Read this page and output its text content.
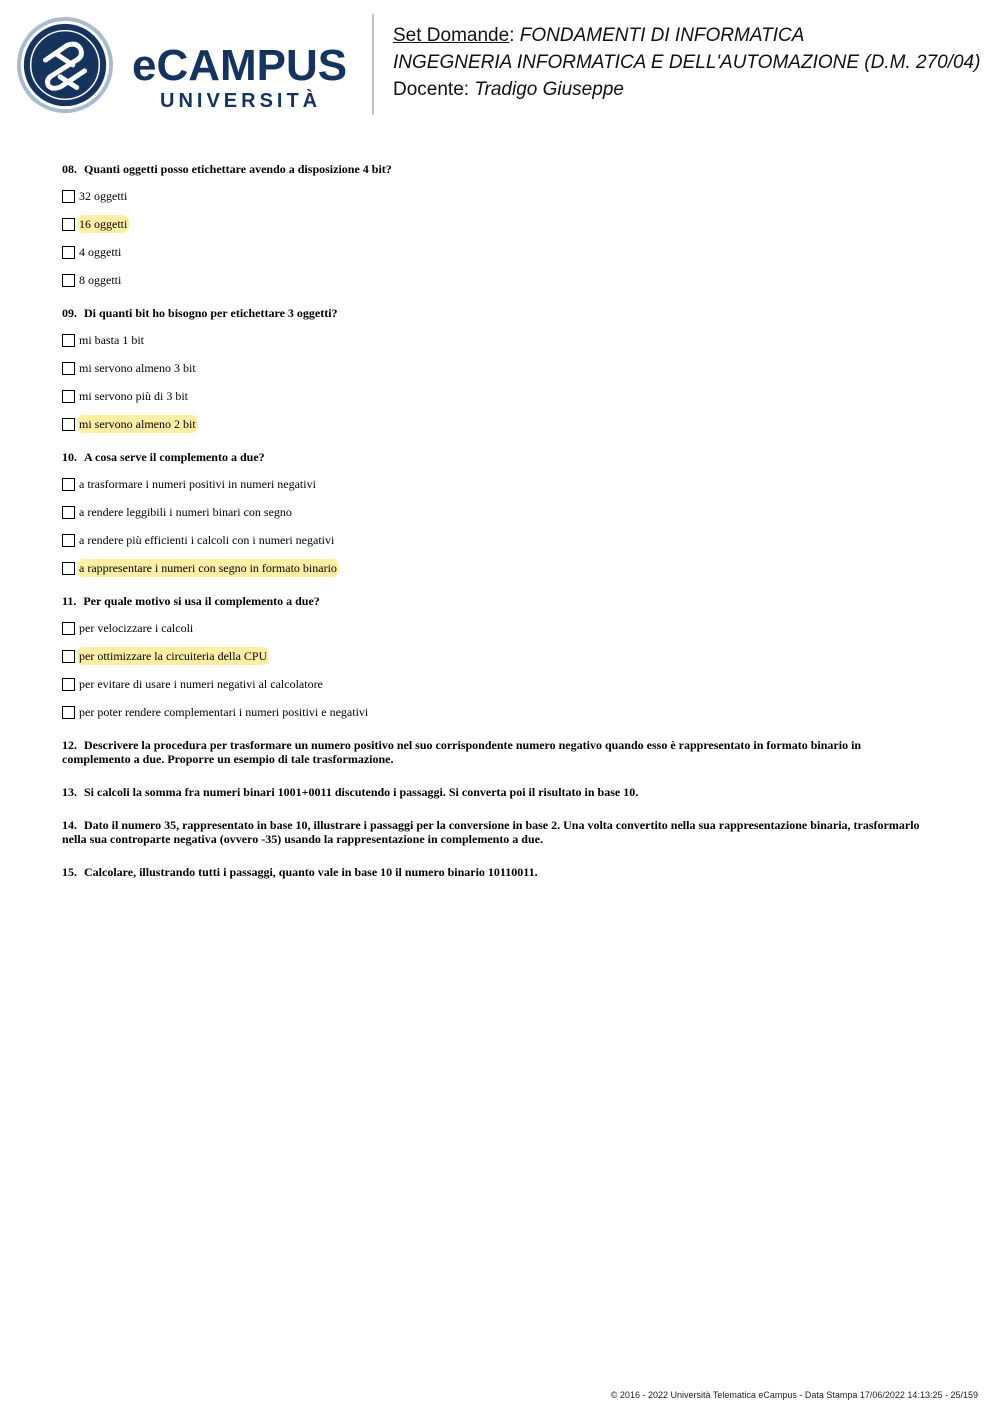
eCAMPUS
UNIVERSITÀ
Set Domande: FONDAMENTI DI INFORMATICA
INGEGNERIA INFORMATICA E DELL'AUTOMAZIONE (D.M. 270/04)
Docente: Tradigo Giuseppe

08. Quanti oggetti posso etichettare avendo a disposizione 4 bit?

32 oggetti
16 oggetti
4 oggetti
8 oggetti

09. Di quanti bit ho bisogno per etichettare 3 oggetti?

mi basta 1 bit
mi servono almeno 3 bit
mi servono più di 3 bit
mi servono almeno 2 bit

10. A cosa serve il complemento a due?

a trasformare i numeri positivi in numeri negativi
a rendere leggibili i numeri binari con segno
a rendere più efficienti i calcoli con i numeri negativi
a rappresentare i numeri con segno in formato binario

11. Per quale motivo si usa il complemento a due?

per velocizzare i calcoli
per ottimizzare la circuiteria della CPU
per evitare di usare i numeri negativi al calcolatore
per poter rendere complementari i numeri positivi e negativi

12. Descrivere la procedura per trasformare un numero positivo nel suo corrispondente numero negativo quando esso è rappresentato in formato binario in complemento a due. Proporre un esempio di tale trasformazione.

13. Si calcoli la somma fra numeri binari 1001+0011 discutendo i passaggi. Si converta poi il risultato in base 10.

14. Dato il numero 35, rappresentato in base 10, illustrare i passaggi per la conversione in base 2. Una volta convertito nella sua rappresentazione binaria, trasformarlo nella sua controparte negativa (ovvero -35) usando la rappresentazione in complemento a due.

15. Calcolare, illustrando tutti i passaggi, quanto vale in base 10 il numero binario 10110011.

© 2016 - 2022 Università Telematica eCampus - Data Stampa 17/06/2022 14:13:25 - 25/159
